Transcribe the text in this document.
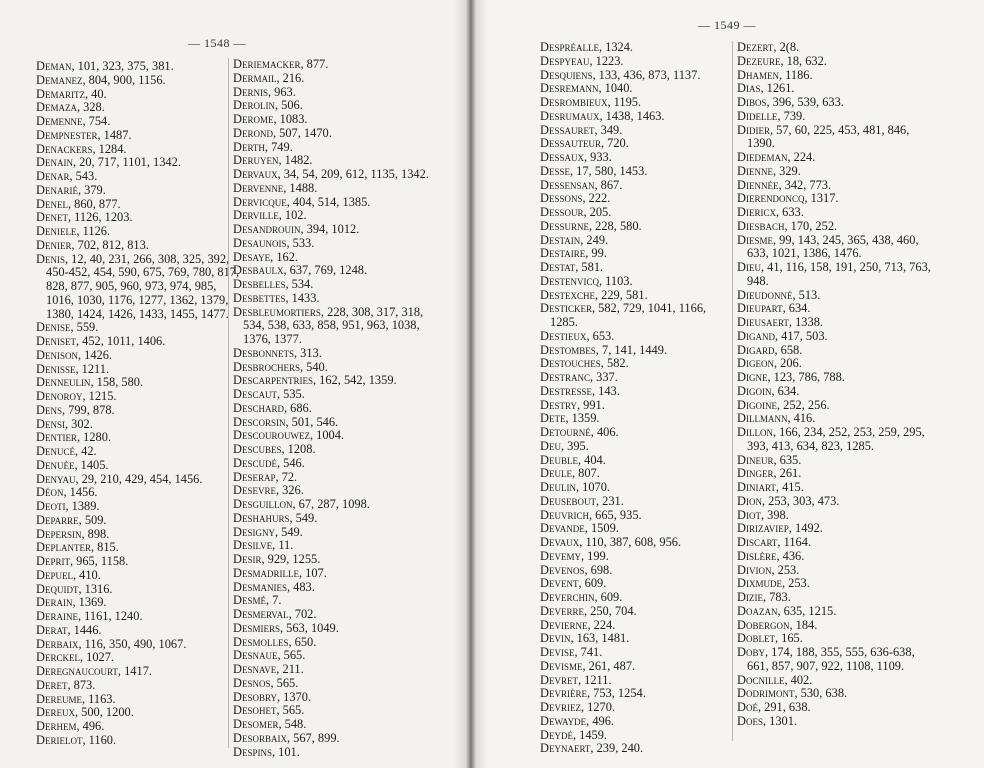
— 1548 —

Deman, 101, 323, 375, 381.

Demanez, 804, 900, 1156.

Demaritz, 40.

Demaza, 328.

Demenne, 754.

Dempnester, 1487.

Denackers, 1284.

Denain, 20, 717, 1101, 1342.

Denar, 543.

Denarié, 379.

Denel, 860, 877.

Denet, 1126, 1203.

Deniele, 1126.

Denier, 702, 812, 813.

Denis, 12, 40, 231, 266, 308, 325, 392, 450-452, 454, 590, 675, 769, 780, 817, 828, 877, 905, 960, 973, 974, 985, 1016, 1030, 1176, 1277, 1362, 1379, 1380, 1424, 1426, 1433, 1455, 1477.

Denise, 559.

Deniset, 452, 1011, 1406.

Denison, 1426.

Denisse, 1211.

Denneulin, 158, 580.

Denoroy, 1215.

Dens, 799, 878.

Densi, 302.

Dentier, 1280.

Denucé, 42.

Denuée, 1405.

Denyau, 29, 210, 429, 454, 1456.

Déon, 1456.

Deoti, 1389.

Deparre, 509.

Depersin, 898.

Deplanter, 815.

Deprit, 965, 1158.

Depuel, 410.

Dequidt, 1316.

Derain, 1369.

Deraine, 1161, 1240.

Derat, 1446.

Derbaix, 116, 350, 490, 1067.

Derckel, 1027.

Deregnaucourt, 1417.

Deret, 873.

Dereume, 1163.

Dereux, 500, 1200.

Derhem, 496.

Derielot, 1160.

Deriemacker, 877.

Dermail, 216.

Dernis, 963.

Derolin, 506.

Derome, 1083.

Derond, 507, 1470.

Derth, 749.

Deruyen, 1482.

Dervaux, 34, 54, 209, 612, 1135, 1342.

Dervenne, 1488.

Dervicque, 404, 514, 1385.

Derville, 102.

Desandrouin, 394, 1012.

Desaunois, 533.

Desaye, 162.

Desbaulx, 637, 769, 1248.

Desbelles, 534.

Desbettes, 1433.

Desbleumortiers, 228, 308, 317, 318, 534, 538, 633, 858, 951, 963, 1038, 1376, 1377.

Desbonnets, 313.

Desbrochers, 540.

Descarpentries, 162, 542, 1359.

Descaut, 535.

Deschard, 686.

Descorsin, 501, 546.

Descourouwez, 1004.

Descubes, 1208.

Descudé, 546.

Deserap, 72.

Desevre, 326.

Desguillon, 67, 287, 1098.

Deshahurs, 549.

Designy, 549.

Desilve, 11.

Desir, 929, 1255.

Desmadrille, 107.

Desmanies, 483.

Desmé, 7.

Desmerval, 702.

Desmiers, 563, 1049.

Desmolles, 650.

Desnaue, 565.

Desnave, 211.

Desnos, 565.

Desobry, 1370.

Desohet, 565.

Desomer, 548.

Desorbaix, 567, 899.

Despins, 101.

— 1549 —

Despréalle, 1324.

Despyeau, 1223.

Desquiens, 133, 436, 873, 1137.

Desremann, 1040.

Desrombieux, 1195.

Desrumaux, 1438, 1463.

Dessauret, 349.

Dessauteur, 720.

Dessaux, 933.

Desse, 17, 580, 1453.

Dessensan, 867.

Dessons, 222.

Dessour, 205.

Dessurne, 228, 580.

Destain, 249.

Destaire, 99.

Destat, 581.

Destenvicq, 1103.

Destexche, 229, 581.

Desticker, 582, 729, 1041, 1166, 1285.

Destieux, 653.

Destombes, 7, 141, 1449.

Destouches, 582.

Destranc, 337.

Destresse, 143.

Destry, 991.

Dete, 1359.

Detourné, 406.

Deu, 395.

Deuble, 404.

Deule, 807.

Deulin, 1070.

Deusebout, 231.

Deuvrich, 665, 935.

Devande, 1509.

Devaux, 110, 387, 608, 956.

Devemy, 199.

Devenos, 698.

Devent, 609.

Deverchin, 609.

Deverre, 250, 704.

Devierne, 224.

Devin, 163, 1481.

Devise, 741.

Devisme, 261, 487.

Devret, 1211.

Devrière, 753, 1254.

Devriez, 1270.

Dewayde, 496.

Deydé, 1459.

Deynaert, 239, 240.

Dezert, 2(8.

Dezeure, 18, 632.

Dhamen, 1186.

Dias, 1261.

Dibos, 396, 539, 633.

Didelle, 739.

Didier, 57, 60, 225, 453, 481, 846, 1390.

Diedeman, 224.

Dienne, 329.

Diennée, 342, 773.

Dierendoncq, 1317.

Diericx, 633.

Diesbach, 170, 252.

Diesme, 99, 143, 245, 365, 438, 460, 633, 1021, 1386, 1476.

Dieu, 41, 116, 158, 191, 250, 713, 763, 948.

Dieudonné, 513.

Dieupart, 634.

Dieusaert, 1338.

Digand, 417, 503.

Digard, 658.

Digeon, 206.

Digne, 123, 786, 788.

Digoin, 634.

Digoine, 252, 256.

Dillmann, 416.

Dillon, 166, 234, 252, 253, 259, 295, 393, 413, 634, 823, 1285.

Dineur, 635.

Dinger, 261.

Diniart, 415.

Dion, 253, 303, 473.

Diot, 398.

Dirizaviep, 1492.

Discart, 1164.

Dislère, 436.

Divion, 253.

Dixmude, 253.

Dizie, 783.

Doazan, 635, 1215.

Dobergon, 184.

Doblet, 165.

Doby, 174, 188, 355, 555, 636-638, 661, 857, 907, 922, 1108, 1109.

Docnille, 402.

Dodrimont, 530, 638.

Doé, 291, 638.

Does, 1301.
